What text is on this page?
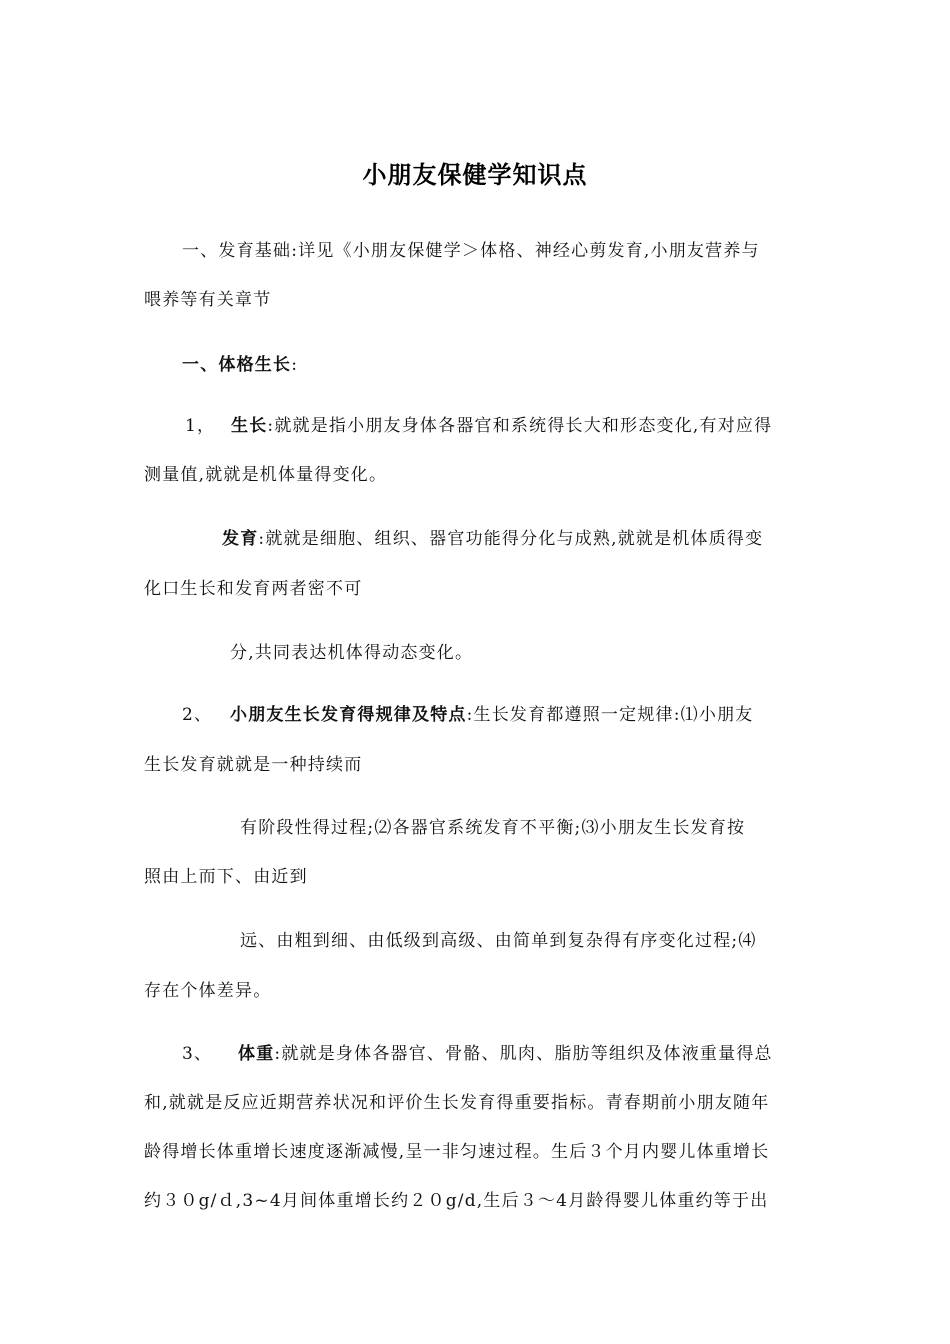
小朋友保健学知识点
一、发育基础:详见《小朋友保健学＞体格、神经心剪发育,小朋友营养与
喂养等有关章节
一、体格生长:
1， 生长:就就是指小朋友身体各器官和系统得长大和形态变化,有对应得
测量值,就就是机体量得变化。
发育:就就是细胞、组织、器官功能得分化与成熟,就就是机体质得变
化口生长和发育两者密不可
分,共同表达机体得动态变化。
2、 小朋友生长发育得规律及特点:生长发育都遵照一定规律:⑴小朋友
生长发育就就是一种持续而
有阶段性得过程;⑵各器官系统发育不平衡;⑶小朋友生长发育按
照由上而下、由近到
远、由粗到细、由低级到高级、由简单到复杂得有序变化过程;⑷
存在个体差异。
3、 体重:就就是身体各器官、骨骼、肌肉、脂肪等组织及体液重量得总
和,就就是反应近期营养状况和评价生长发育得重要指标。青春期前小朋友随年
龄得增长体重增长速度逐渐减慢,呈一非匀速过程。生后３个月内婴儿体重增长
约３０g/ｄ,3~4月间体重增长约２０g/d,生后３～4月龄得婴儿体重约等于出
